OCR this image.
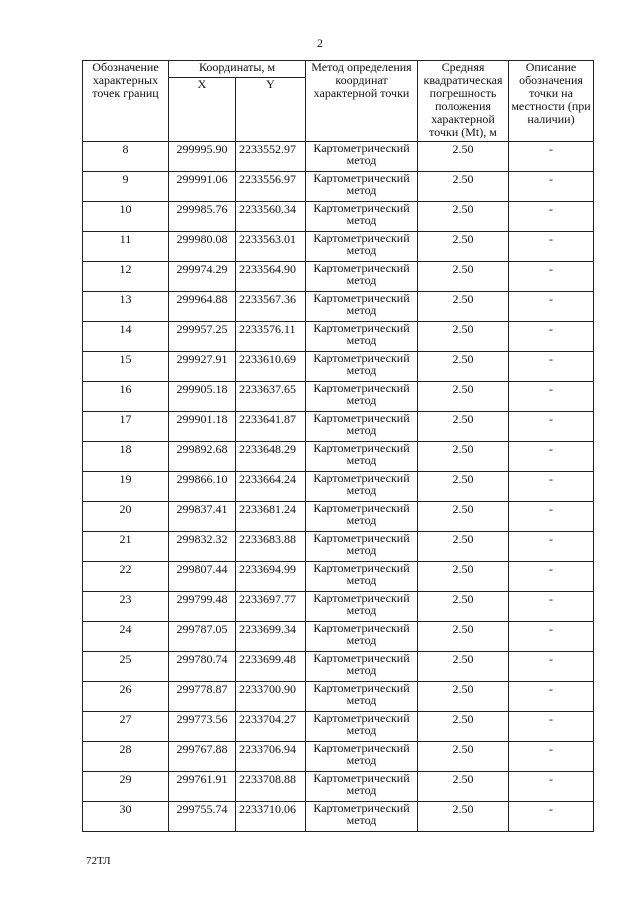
2
Обозначение характерных точек границ	Координаты, м		Метод определения координат характерной точки	Средняя квадратическая погрешность положения характерной точки (Mt), м	Описание обозначения точки на местности (при наличии)
	X	Y			
8	299995.90	2233552.97	Картометрический метод	2.50	-
9	299991.06	2233556.97	Картометрический метод	2.50	-
10	299985.76	2233560.34	Картометрический метод	2.50	-
11	299980.08	2233563.01	Картометрический метод	2.50	-
12	299974.29	2233564.90	Картометрический метод	2.50	-
13	299964.88	2233567.36	Картометрический метод	2.50	-
14	299957.25	2233576.11	Картометрический метод	2.50	-
15	299927.91	2233610.69	Картометрический метод	2.50	-
16	299905.18	2233637.65	Картометрический метод	2.50	-
17	299901.18	2233641.87	Картометрический метод	2.50	-
18	299892.68	2233648.29	Картометрический метод	2.50	-
19	299866.10	2233664.24	Картометрический метод	2.50	-
20	299837.41	2233681.24	Картометрический метод	2.50	-
21	299832.32	2233683.88	Картометрический метод	2.50	-
22	299807.44	2233694.99	Картометрический метод	2.50	-
23	299799.48	2233697.77	Картометрический метод	2.50	-
24	299787.05	2233699.34	Картометрический метод	2.50	-
25	299780.74	2233699.48	Картометрический метод	2.50	-
26	299778.87	2233700.90	Картометрический метод	2.50	-
27	299773.56	2233704.27	Картометрический метод	2.50	-
28	299767.88	2233706.94	Картометрический метод	2.50	-
29	299761.91	2233708.88	Картометрический метод	2.50	-
30	299755.74	2233710.06	Картометрический метод	2.50	-
72ТЛ
